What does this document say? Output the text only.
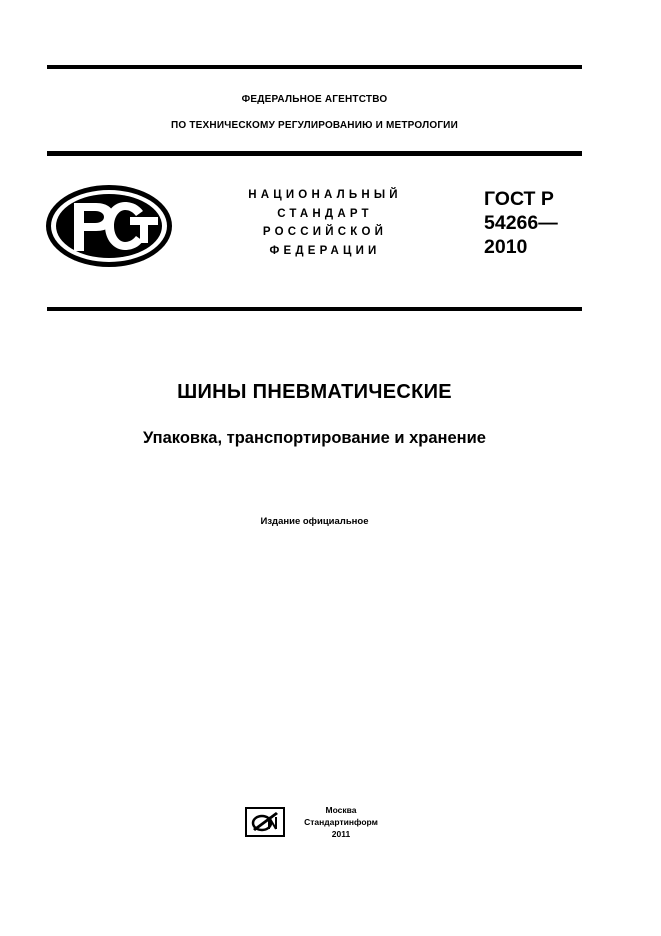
ФЕДЕРАЛЬНОЕ АГЕНТСТВО
ПО ТЕХНИЧЕСКОМУ РЕГУЛИРОВАНИЮ И МЕТРОЛОГИИ
НАЦИОНАЛЬНЫЙ
СТАНДАРТ
РОССИЙСКОЙ
ФЕДЕРАЦИИ
ГОСТ Р
54266—
2010
ШИНЫ ПНЕВМАТИЧЕСКИЕ
Упаковка, транспортирование и хранение
Издание официальное
Москва
Стандартинформ
2011
